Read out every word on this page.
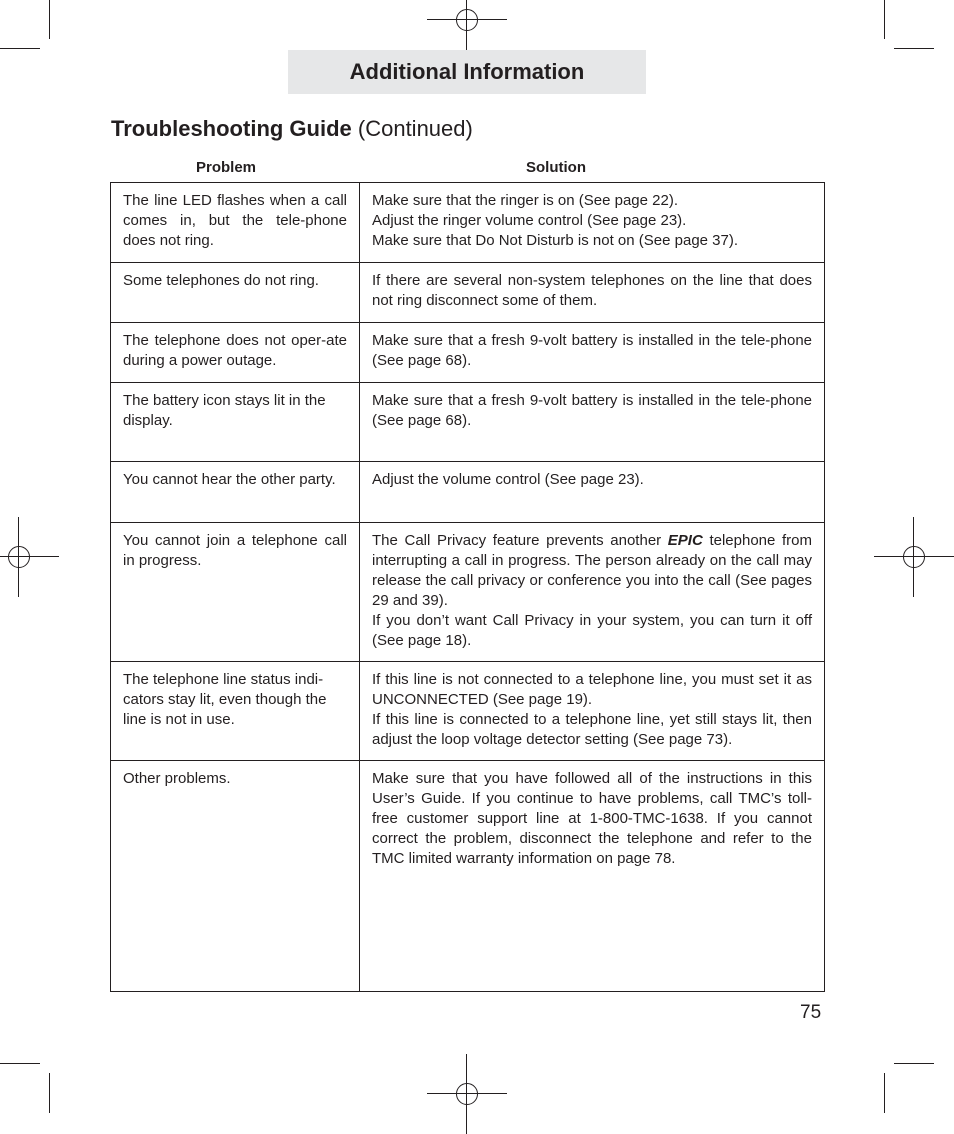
Additional Information
Troubleshooting Guide (Continued)
Problem	Solution
The line LED flashes when a call comes in, but the tele-phone does not ring.	Make sure that the ringer is on (See page 22).
Adjust the ringer volume control (See page 23).
Make sure that Do Not Disturb is not on (See page 37).

Some telephones do not ring.	If there are several non-system telephones on the line that does not ring disconnect some of them.

The telephone does not oper-ate during a power outage.	Make sure that a fresh 9-volt battery is installed in the tele-phone (See page 68).

The battery icon stays lit in the display.	Make sure that a fresh 9-volt battery is installed in the tele-phone (See page 68).

You cannot hear the other party.	Adjust the volume control (See page 23).

You cannot join a telephone call in progress.	The Call Privacy feature prevents another EPIC telephone from interrupting a call in progress. The person already on the call may release the call privacy or conference you into the call (See pages 29 and 39).
If you don’t want Call Privacy in your system, you can turn it off (See page 18).

The telephone line status indi-cators stay lit, even though the line is not in use.	If this line is not connected to a telephone line, you must set it as UNCONNECTED (See page 19).
If this line is connected to a telephone line, yet still stays lit, then adjust the loop voltage detector setting (See page 73).

Other problems.	Make sure that you have followed all of the instructions in this User’s Guide. If you continue to have problems, call TMC’s toll-free customer support line at 1-800-TMC-1638. If you cannot correct the problem, disconnect the telephone and refer to the TMC limited warranty information on page 78.
75
